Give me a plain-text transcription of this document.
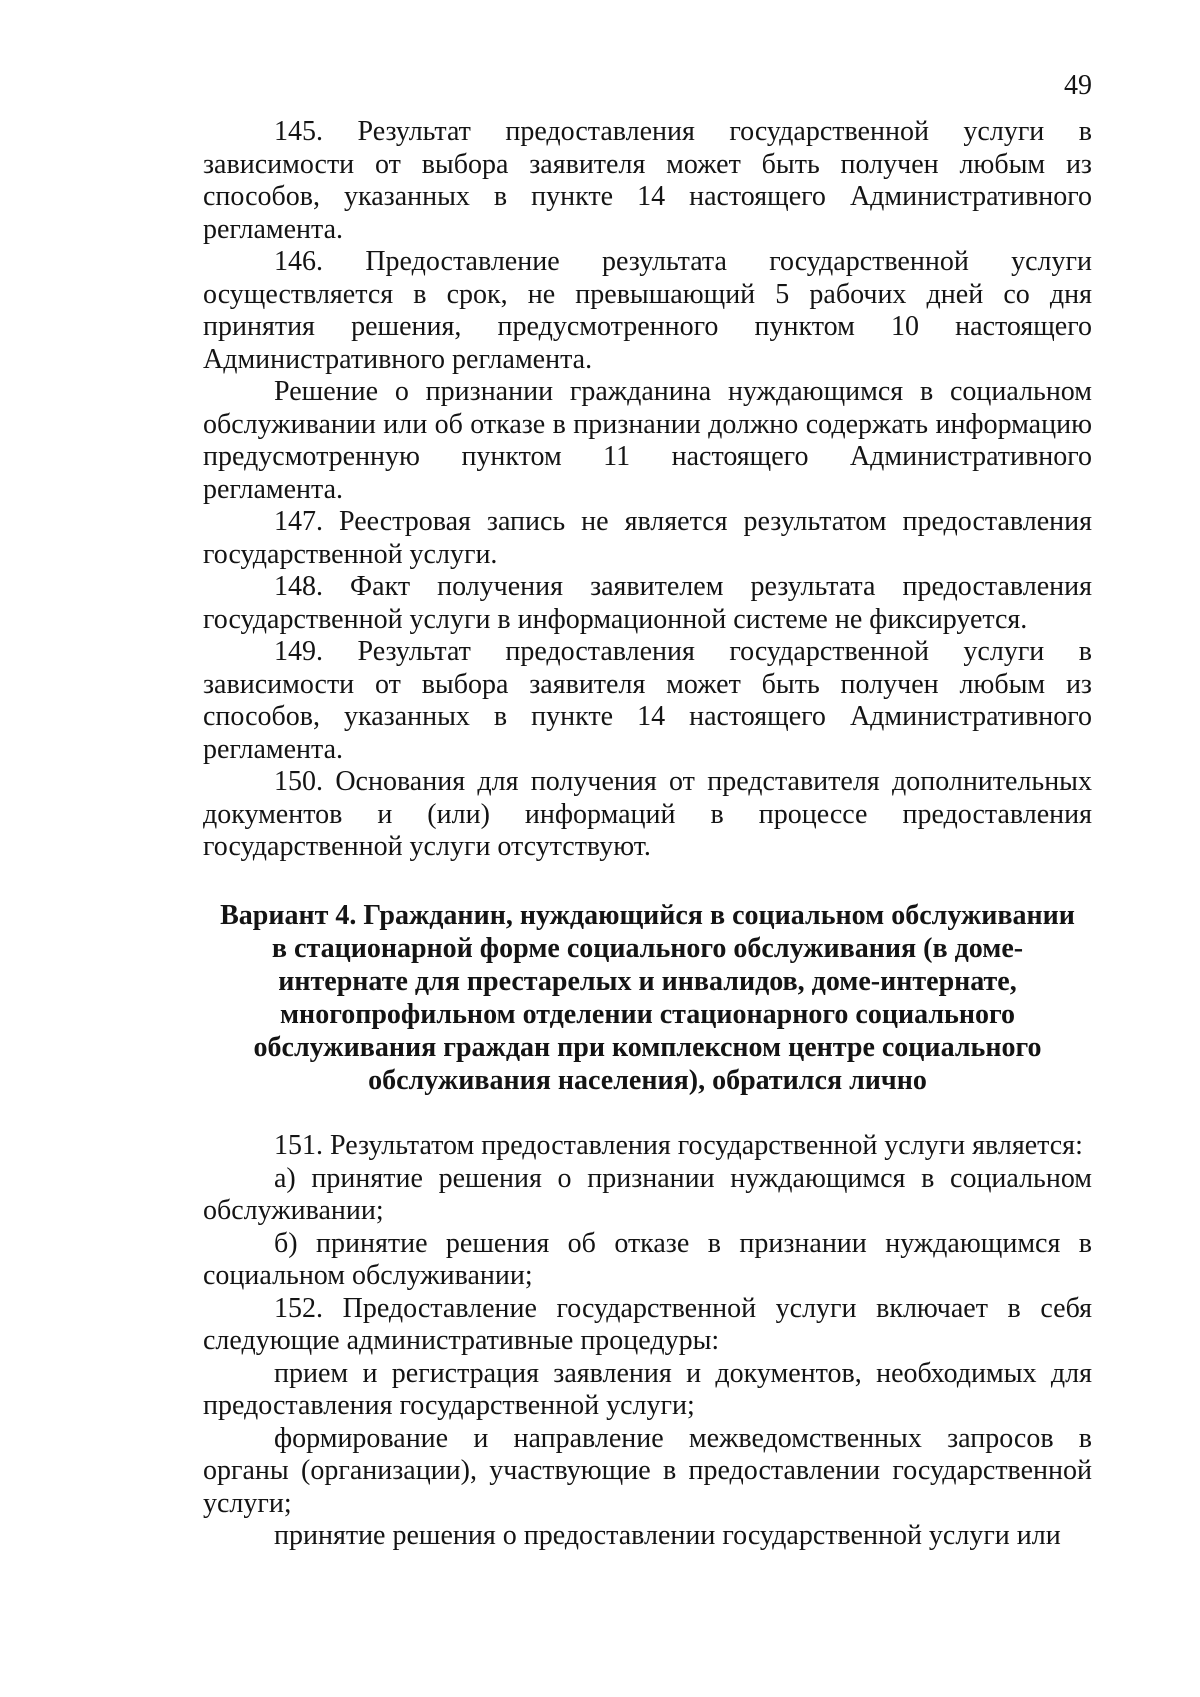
49

145. Результат предоставления государственной услуги в зависимости от выбора заявителя может быть получен любым из способов, указанных в пункте 14 настоящего Административного регламента.

146. Предоставление результата государственной услуги осуществляется в срок, не превышающий 5 рабочих дней со дня принятия решения, предусмотренного пунктом 10 настоящего Административного регламента.

Решение о признании гражданина нуждающимся в социальном обслуживании или об отказе в признании должно содержать информацию предусмотренную пунктом 11 настоящего Административного регламента.

147. Реестровая запись не является результатом предоставления государственной услуги.

148. Факт получения заявителем результата предоставления государственной услуги в информационной системе не фиксируется.

149. Результат предоставления государственной услуги в зависимости от выбора заявителя может быть получен любым из способов, указанных в пункте 14 настоящего Административного регламента.

150. Основания для получения от представителя дополнительных документов и (или) информаций в процессе предоставления государственной услуги отсутствуют.

Вариант 4. Гражданин, нуждающийся в социальном обслуживании
в стационарной форме социального обслуживания (в доме-
интернате для престарелых и инвалидов, доме-интернате,
многопрофильном отделении стационарного социального
обслуживания граждан при комплексном центре социального
обслуживания населения), обратился лично

151. Результатом предоставления государственной услуги является:

а) принятие решения о признании нуждающимся в социальном обслуживании;

б) принятие решения об отказе в признании нуждающимся в социальном обслуживании;

152. Предоставление государственной услуги включает в себя следующие административные процедуры:

прием и регистрация заявления и документов, необходимых для предоставления государственной услуги;

формирование и направление межведомственных запросов в органы (организации), участвующие в предоставлении государственной услуги;

принятие решения о предоставлении государственной услуги или
